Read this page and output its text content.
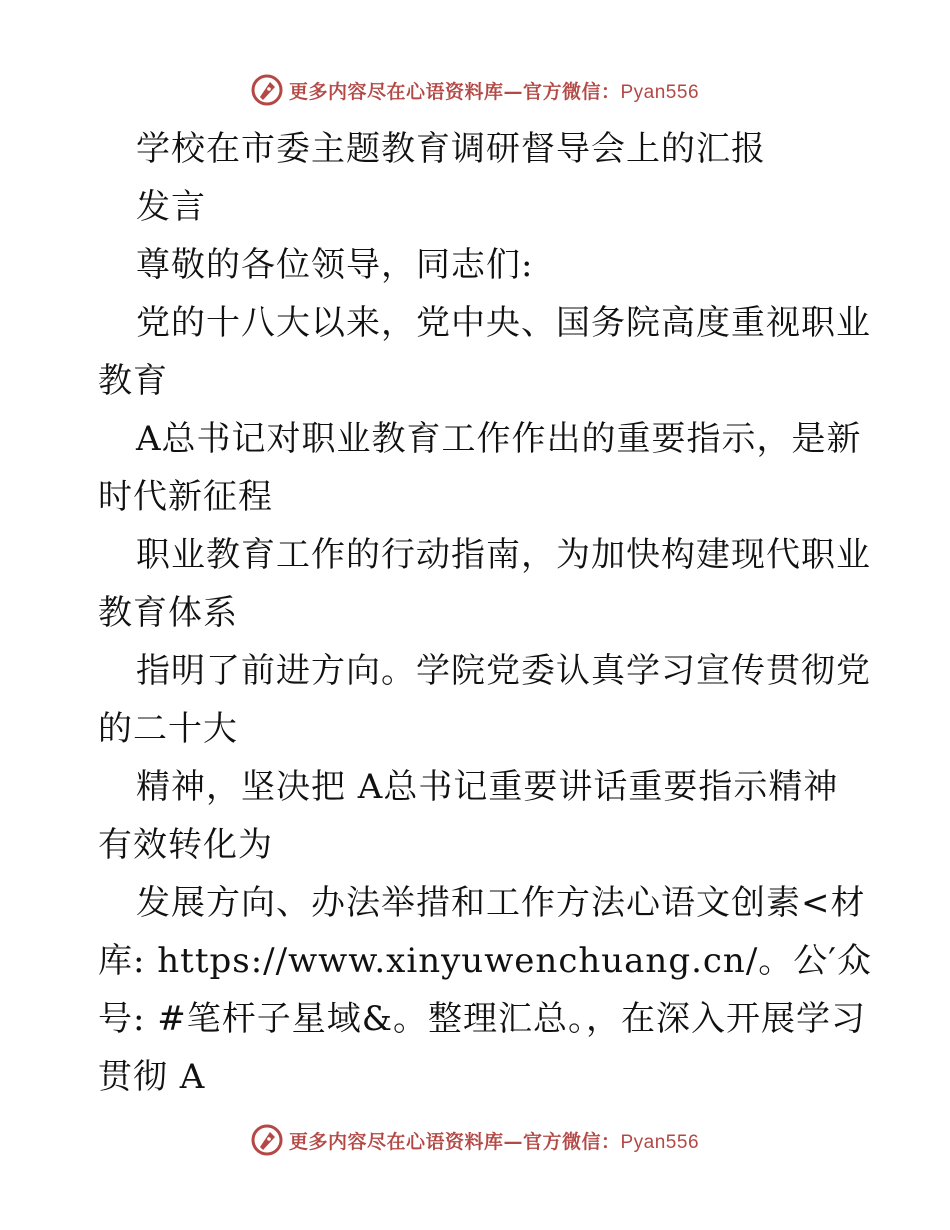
更多内容尽在心语资料库—官方微信：Pyan556
学校在市委主题教育调研督导会上的汇报
发言
尊敬的各位领导，同志们:
党的十八大以来，党中央、国务院高度重视职业
教育
A总书记对职业教育工作作出的重要指示，是新
时代新征程
职业教育工作的行动指南，为加快构建现代职业
教育体系
指明了前进方向。学院党委认真学习宣传贯彻党
的二十大
精神，坚决把 A总书记重要讲话重要指示精神
有效转化为
发展方向、办法举措和工作方法心语文创素<材
库: https://www.xinyuwenchuang.cn/。公′众
号: #笔杆子星域&。整理汇总。，在深入开展学习
贯彻 A
更多内容尽在心语资料库—官方微信：Pyan556
